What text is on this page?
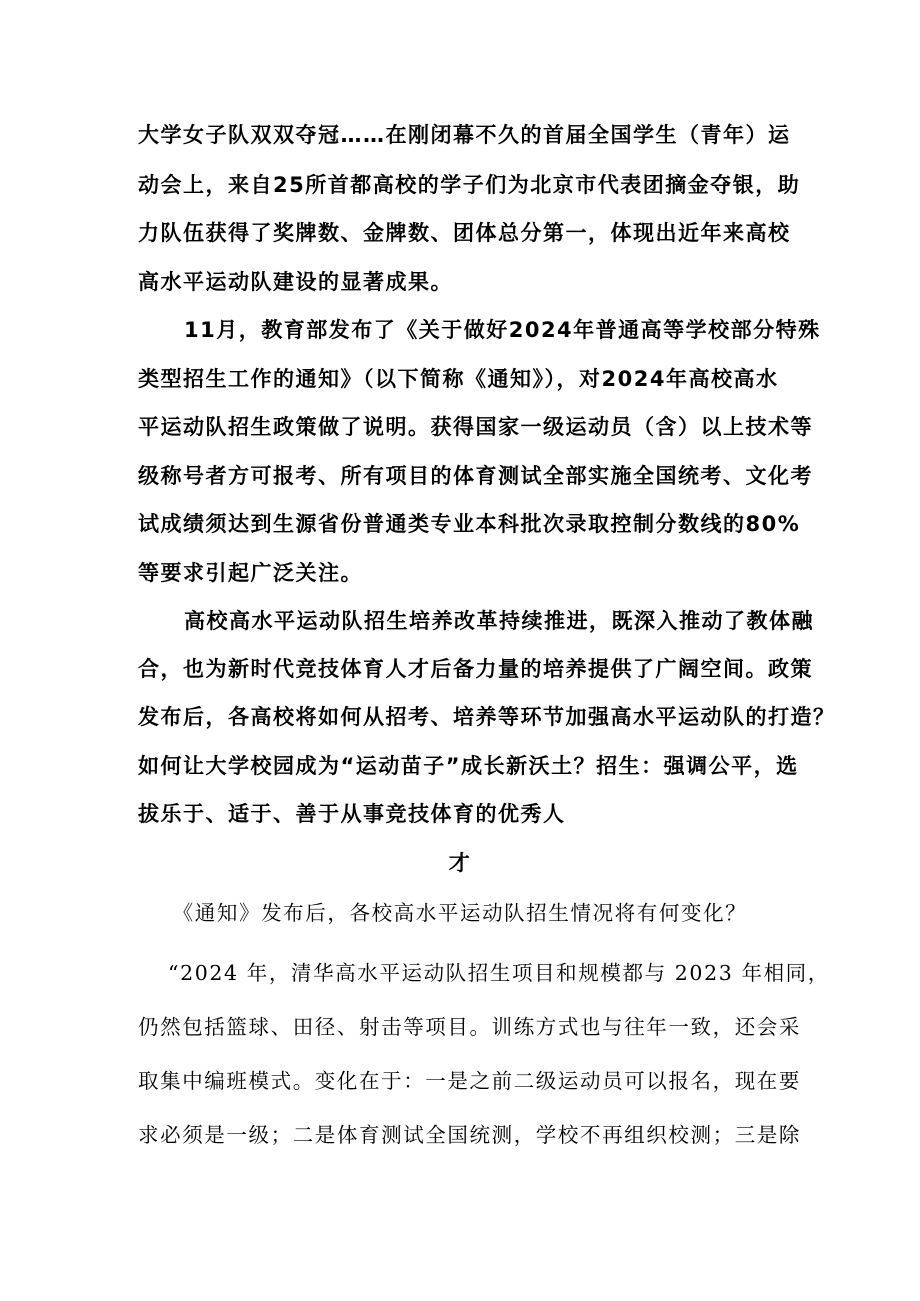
大学女子队双双夺冠……在刚闭幕不久的首届全国学生（青年）运
动会上，来自25所首都高校的学子们为北京市代表团摘金夺银，助
力队伍获得了奖牌数、金牌数、团体总分第一，体现出近年来高校
高水平运动队建设的显著成果。
11月，教育部发布了《关于做好2024年普通高等学校部分特殊
类型招生工作的通知》（以下简称《通知》），对2024年高校高水
平运动队招生政策做了说明。获得国家一级运动员（含）以上技术等
级称号者方可报考、所有项目的体育测试全部实施全国统考、文化考
试成绩须达到生源省份普通类专业本科批次录取控制分数线的80%
等要求引起广泛关注。
高校高水平运动队招生培养改革持续推进，既深入推动了教体融
合，也为新时代竞技体育人才后备力量的培养提供了广阔空间。政策
发布后，各高校将如何从招考、培养等环节加强高水平运动队的打造？
如何让大学校园成为“运动苗子”成长新沃土？招生：强调公平，选
拔乐于、适于、善于从事竞技体育的优秀人
才
《通知》发布后，各校高水平运动队招生情况将有何变化？
“2024 年，清华高水平运动队招生项目和规模都与 2023 年相同，
仍然包括篮球、田径、射击等项目。训练方式也与往年一致，还会采
取集中编班模式。变化在于：一是之前二级运动员可以报名，现在要
求必须是一级；二是体育测试全国统测，学校不再组织校测；三是除
